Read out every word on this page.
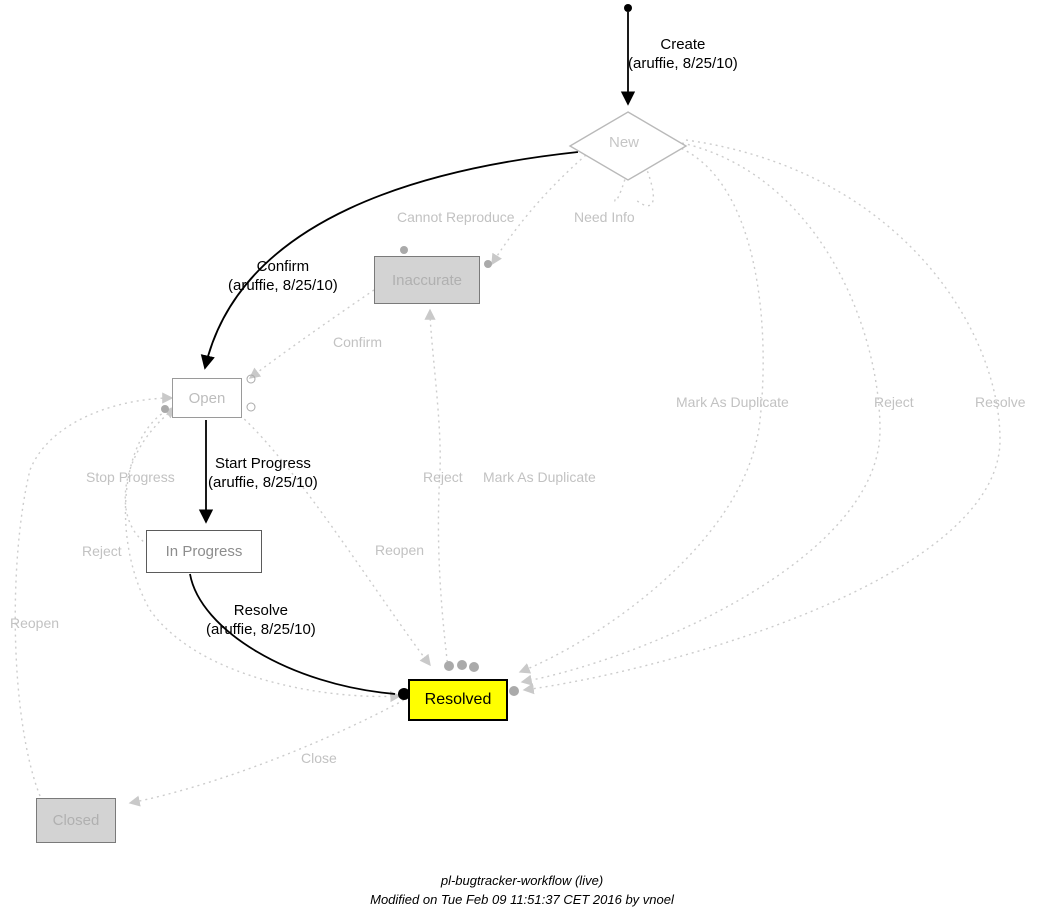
New
Inaccurate
Open
In Progress
Resolved
Closed
Create
(aruffie, 8/25/10)
Confirm
(aruffie, 8/25/10)
Start Progress
(aruffie, 8/25/10)
Resolve
(aruffie, 8/25/10)
Cannot Reproduce	Need Info
Confirm
Mark As Duplicate	Reject	Resolve
Stop Progress	Reject Mark As Duplicate
Reject	Reopen
Reopen
Close
pl-bugtracker-workflow (live)
Modified on Tue Feb 09 11:51:37 CET 2016 by vnoel
